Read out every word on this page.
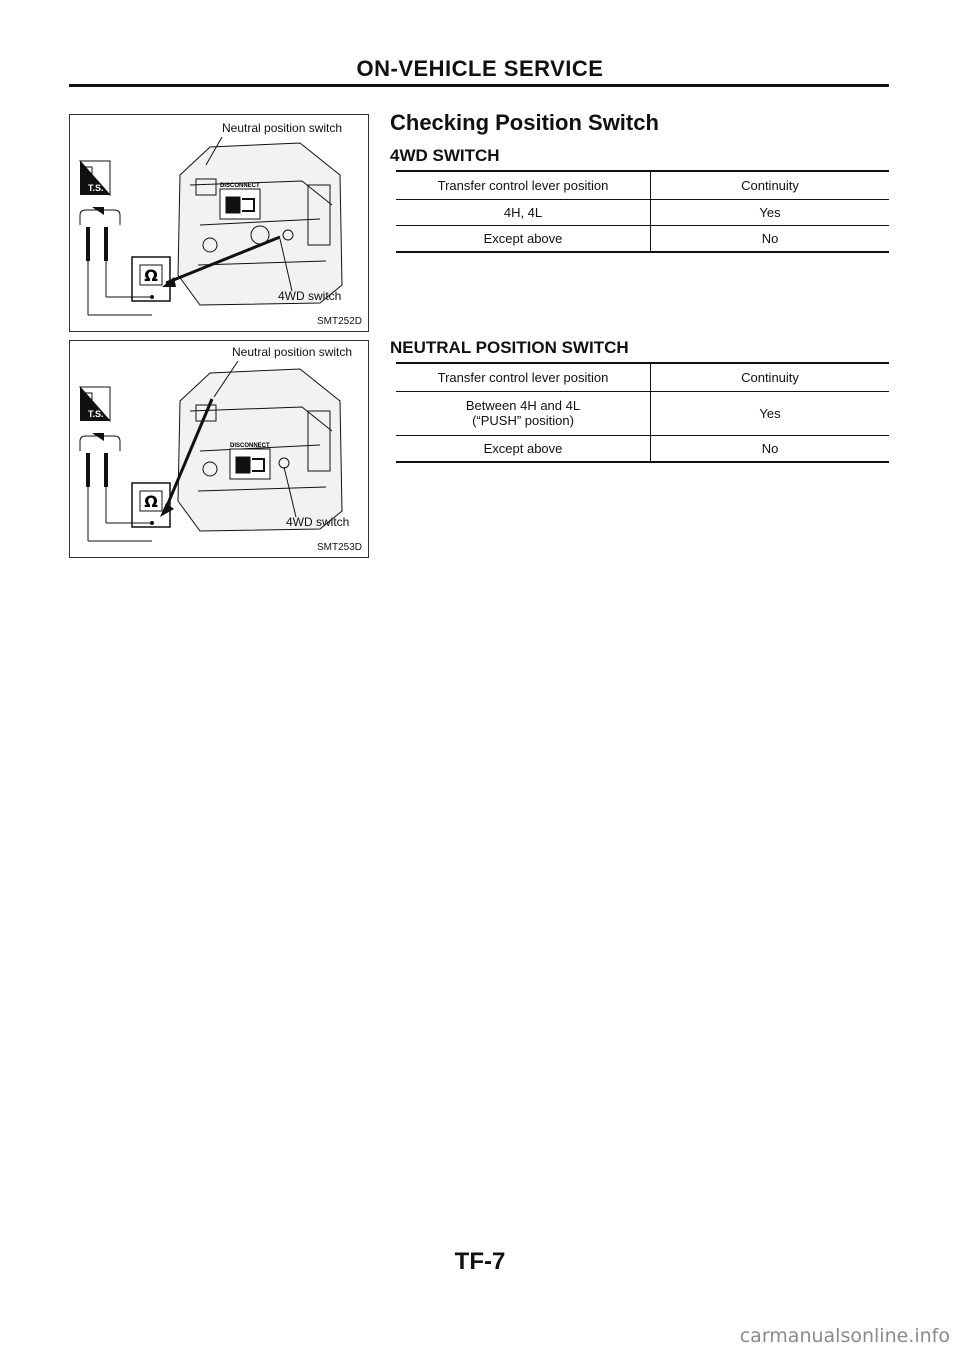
ON-VEHICLE SERVICE
T.S.
Ω
DISCONNECT
Neutral position switch
4WD switch
SMT252D
T.S.
Ω
DISCONNECT
Neutral position switch
4WD switch
SMT253D
Checking Position Switch
4WD SWITCH
Transfer control lever position	Continuity
4H, 4L	Yes
Except above	No
NEUTRAL POSITION SWITCH
Transfer control lever position	Continuity

Between 4H and 4L
(“PUSH” position)	Yes
Except above	No
TF-7
carmanualsonline.info
